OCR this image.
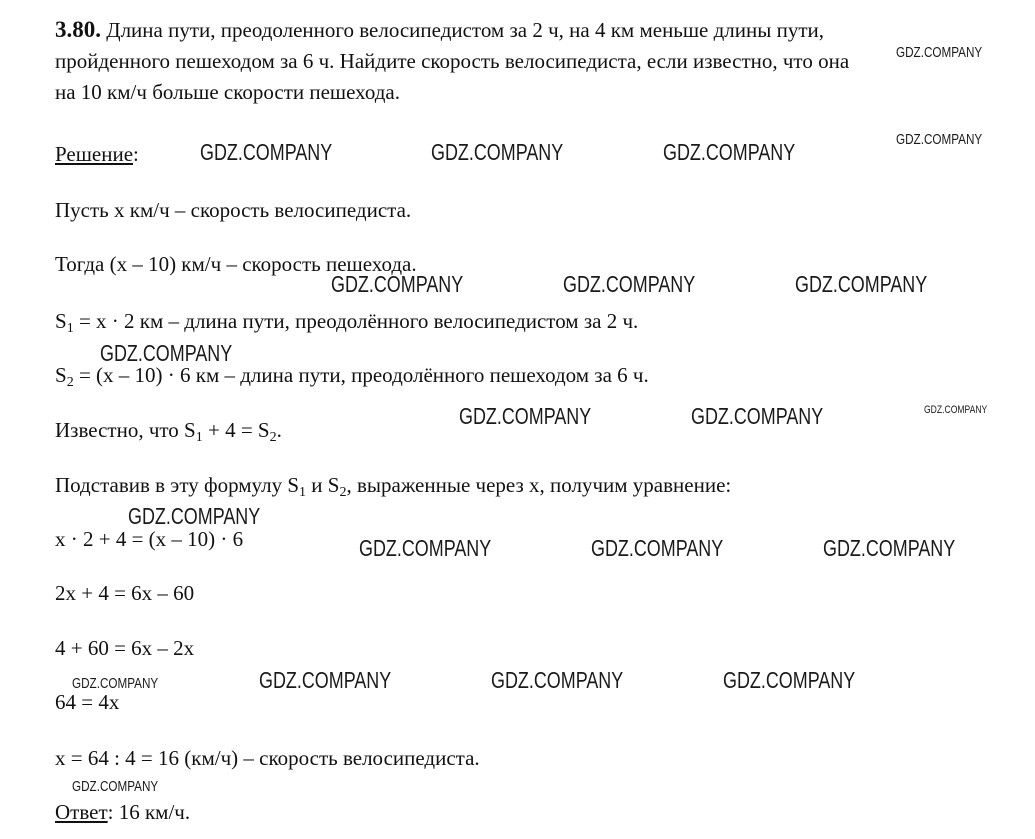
3.80. Длина пути, преодоленного велосипедистом за 2 ч, на 4 км меньше длины пути,
пройденного пешеходом за 6 ч. Найдите скорость велосипедиста, если известно, что она
на 10 км/ч больше скорости пешехода.
Решение:
Пусть x км/ч – скорость велосипедиста.
Тогда (x – 10) км/ч – скорость пешехода.
$S_1 = x \cdot 2$ км – длина пути, преодолённого велосипедистом за 2 ч.
$S_2 = (x - 10) \cdot 6$ км – длина пути, преодолённого пешеходом за 6 ч.
Известно, что $S_1 + 4 = S_2$.
Подставив в эту формулу $S_1$ и $S_2$, выраженные через x, получим уравнение:
x · 2 + 4 = (x – 10) · 6
2x + 4 = 6x – 60
4 + 60 = 6x – 2x
64 = 4x
x = 64 : 4 = 16 (км/ч) – скорость велосипедиста.
Ответ: 16 км/ч.
GDZ.COMPANY
GDZ.COMPANY
GDZ.COMPANY	GDZ.COMPANY	GDZ.COMPANY
GDZ.COMPANY	GDZ.COMPANY	GDZ.COMPANY
GDZ.COMPANY
GDZ.COMPANY	GDZ.COMPANY	GDZ.COMPANY
GDZ.COMPANY
GDZ.COMPANY	GDZ.COMPANY	GDZ.COMPANY
GDZ.COMPANY	GDZ.COMPANY	GDZ.COMPANY
GDZ.COMPANY
GDZ.COMPANY
